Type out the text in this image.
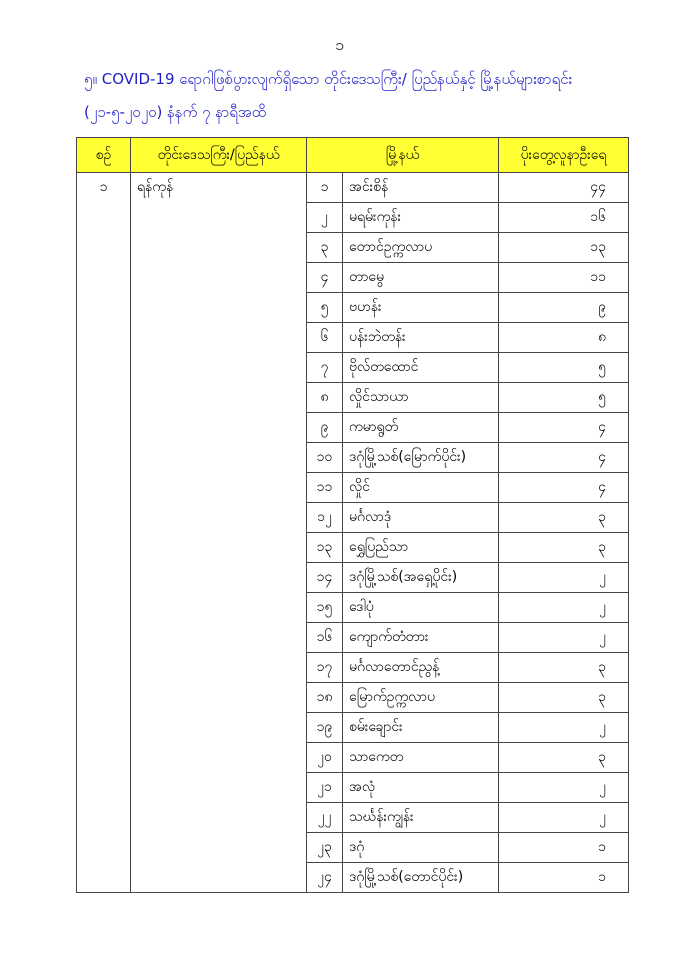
၁
၅။ COVID-19 ရောဂါဖြစ်ပွားလျက်ရှိသော တိုင်းဒေသကြီး/ ပြည်နယ်နှင့် မြို့နယ်များစာရင်း
(၂၁-၅-၂၀၂၀) နံနက် ၇ နာရီအထိ
စဉ်	တိုင်းဒေသကြီး/ပြည်နယ်	မြို့နယ်		ပိုးတွေ့လူနာဦးရေ
၁	ရန်ကုန်	၁	အင်းစိန်	၄၄
		၂	မရမ်းကုန်း	၁၆
		၃	တောင်ဥက္ကလာပ	၁၃
		၄	တာမွေ	၁၁
		၅	ဗဟန်း	၉
		၆	ပန်းဘဲတန်း	၈
		၇	ဗိုလ်တထောင်	၅
		၈	လှိုင်သာယာ	၅
		၉	ကမာရွတ်	၄
		၁၀	ဒဂုံမြို့သစ်(မြောက်ပိုင်း)	၄
		၁၁	လှိုင်	၄
		၁၂	မင်္ဂလာဒုံ	၃
		၁၃	ရွှေပြည်သာ	၃
		၁၄	ဒဂုံမြို့သစ်(အရှေ့ပိုင်း)	၂
		၁၅	ဒေါပုံ	၂
		၁၆	ကျောက်တံတား	၂
		၁၇	မင်္ဂလာတောင်ညွန့်	၃
		၁၈	မြောက်ဥက္ကလာပ	၃
		၁၉	စမ်းချောင်း	၂
		၂၀	သာကေတ	၃
		၂၁	အလုံ	၂
		၂၂	သင်္ဃန်းကျွန်း	၂
		၂၃	ဒဂုံ	၁
		၂၄	ဒဂုံမြို့သစ်(တောင်ပိုင်း)	၁
